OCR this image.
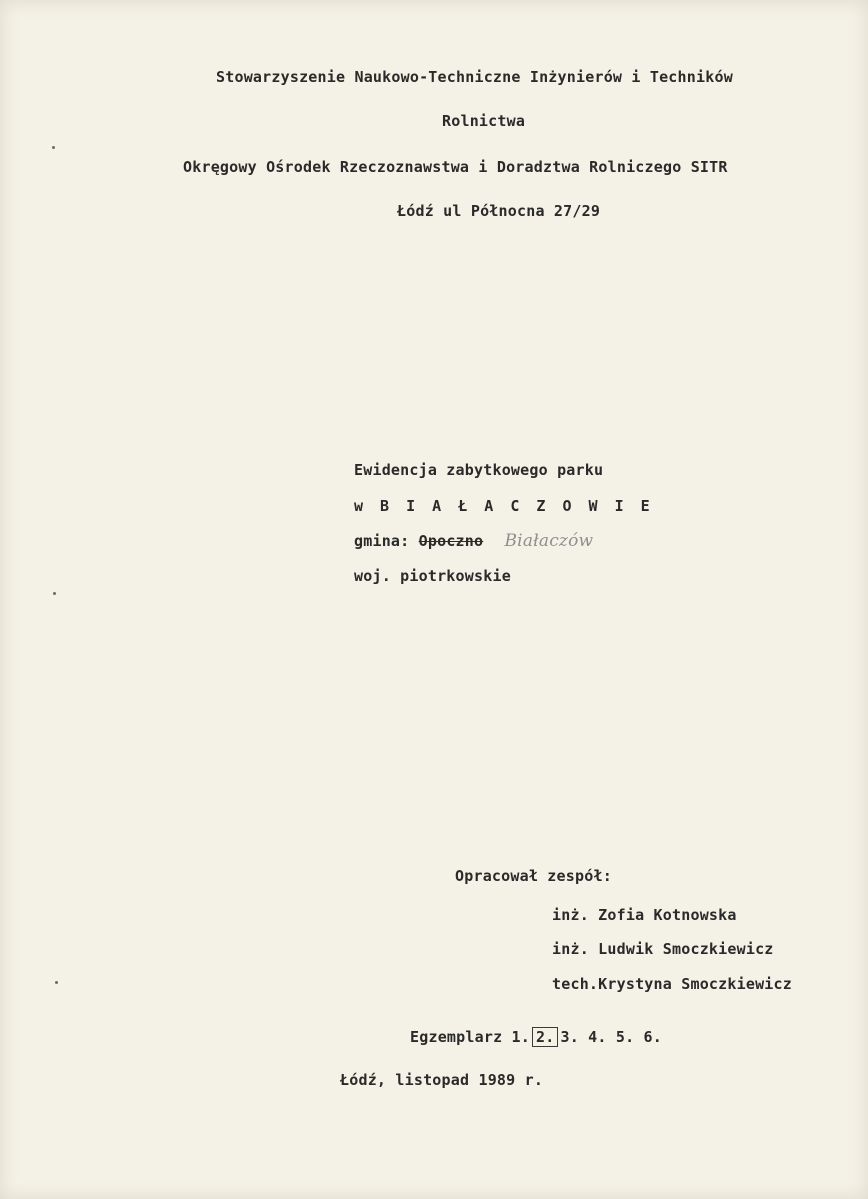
Stowarzyszenie Naukowo-Techniczne Inżynierów i Techników
Rolnictwa
Okręgowy Ośrodek Rzeczoznawstwa i Doradztwa Rolniczego SITR
Łódź ul Północna 27/29
Ewidencja zabytkowego parku
w B I A Ł A C Z O W I E
gmina: Opoczno Białaczów
woj. piotrkowskie
Opracował zespół:
inż. Zofia Kotnowska
inż. Ludwik Smoczkiewicz
tech.Krystyna Smoczkiewicz
Egzemplarz 1. 2. 3. 4. 5. 6.
Łódź, listopad 1989 r.
